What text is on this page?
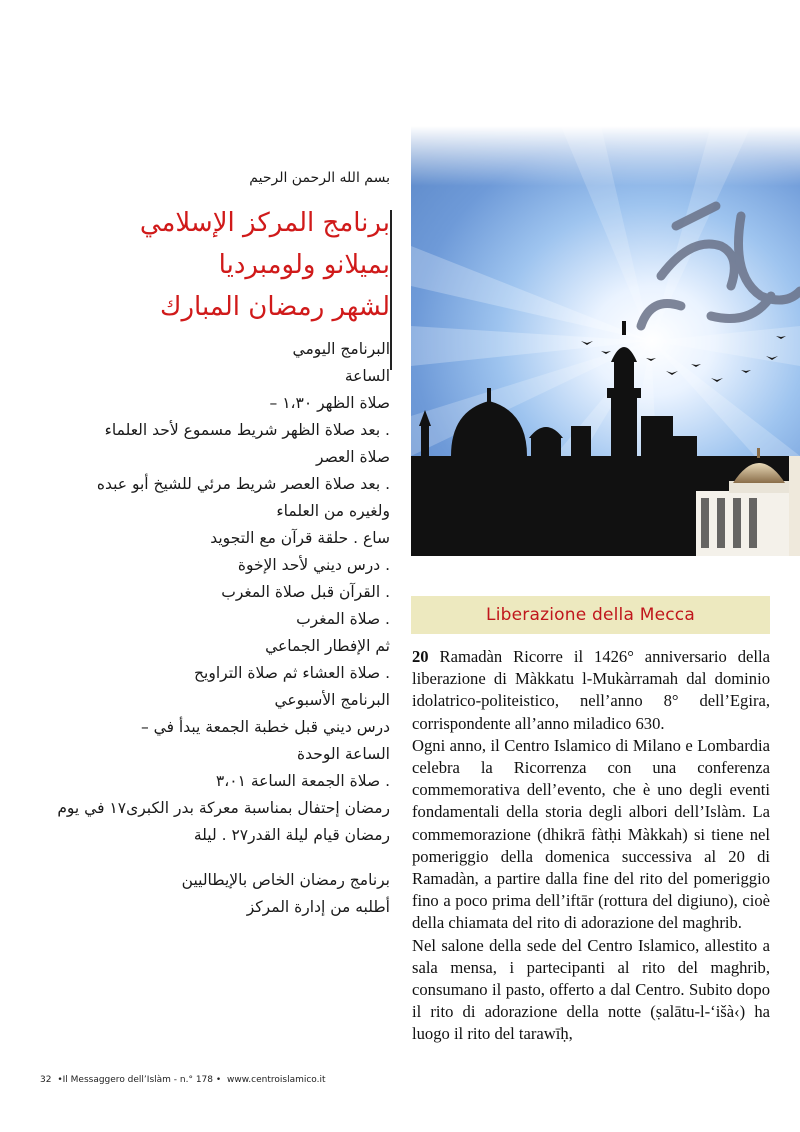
بسم الله الرحمن الرحيم
برنامج المركز الإسلامي
بميلانو ولومبرديا
لشهر رمضان المبارك
البرنامج اليومي
الساعة
صلاة الظهر ١،٣٠ –
. بعد صلاة الظهر شريط مسموع لأحد العلماء
صلاة العصر
. بعد صلاة العصر شريط مرئي للشيخ أبو عبده
ولغيره من العلماء
ساع . حلقة قرآن مع التجويد
. درس ديني لأحد الإخوة
. القرآن قبل صلاة المغرب
. صلاة المغرب
ثم الإفطار الجماعي
. صلاة العشاء ثم صلاة التراويح
البرنامج الأسبوعي
درس ديني قبل خطبة الجمعة يبدأ في –
الساعة الوحدة
. صلاة الجمعة الساعة ٣،٠١
رمضان إحتفال بمناسبة معركة بدر الكبرى١٧ في يوم
رمضان قيام ليلة القدر٢٧ . ليلة
برنامج رمضان الخاص بالإيطاليين
أطلبه من إدارة المركز
Liberazione della Mecca

20 Ramadàn Ricorre il 1426° anniversario della liberazione di Màkkatu l-Mukàrramah dal dominio idolatrico-politeistico, nell’anno 8° dell’Egira, corrispondente all’anno miladico 630.

Ogni anno, il Centro Islamico di Milano e Lombardia celebra la Ricorrenza con una conferenza commemorativa dell’evento, che è uno degli eventi fondamentali della storia degli albori dell’Islàm. La commemorazione (dhikrā fàtḥi Màkkah) si tiene nel pomeriggio della domenica successiva al 20 di Ramadàn, a partire dalla fine del rito del pomeriggio fino a poco prima dell’iftār (rottura del digiuno), cioè della chiamata del rito di adorazione del maghrib.

Nel salone della sede del Centro Islamico, allestito a sala mensa, i partecipanti al rito del maghrib, consumano il pasto, offerto a dal Centro. Subito dopo il rito di adorazione della notte (ṣalātu-l-‘išà‹) ha luogo il rito del tarawīḥ,

32 •Il Messaggero dell’Islàm - n.° 178 • www.centroislamico.it
